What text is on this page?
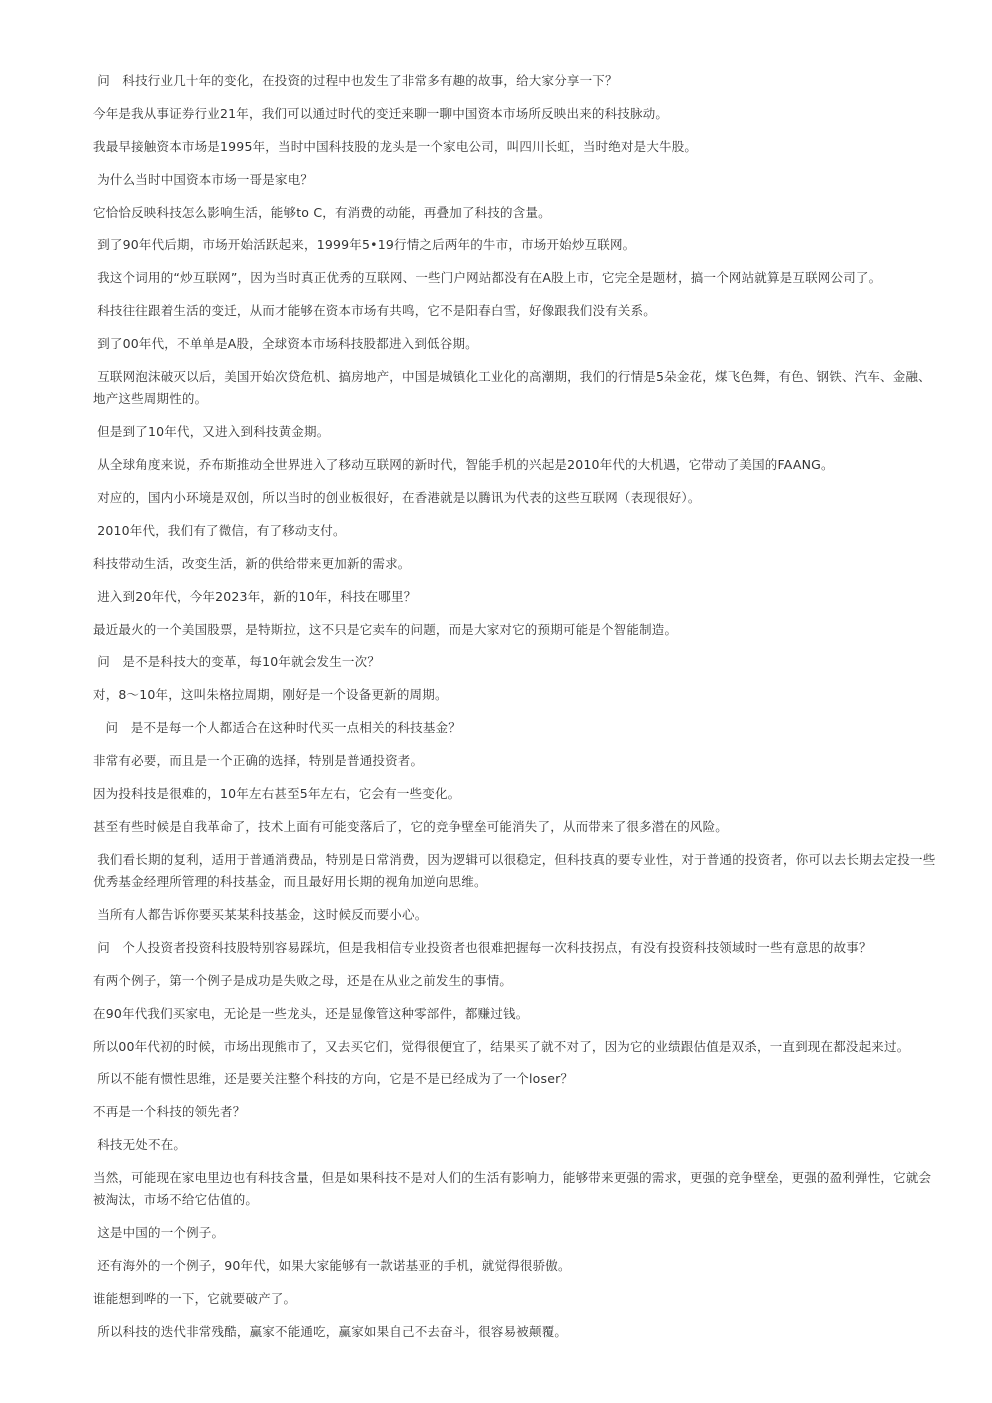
问   科技行业几十年的变化，在投资的过程中也发生了非常多有趣的故事，给大家分享一下？

今年是我从事证券行业21年，我们可以通过时代的变迁来聊一聊中国资本市场所反映出来的科技脉动。

我最早接触资本市场是1995年，当时中国科技股的龙头是一个家电公司，叫四川长虹，当时绝对是大牛股。

为什么当时中国资本市场一哥是家电？

它恰恰反映科技怎么影响生活，能够to C，有消费的动能，再叠加了科技的含量。

到了90年代后期，市场开始活跃起来，1999年5•19行情之后两年的牛市，市场开始炒互联网。

我这个词用的“炒互联网”，因为当时真正优秀的互联网、一些门户网站都没有在A股上市，它完全是题材，搞一个网站就算是互联网公司了。

科技往往跟着生活的变迁，从而才能够在资本市场有共鸣，它不是阳春白雪，好像跟我们没有关系。

到了00年代，不单单是A股，全球资本市场科技股都进入到低谷期。

互联网泡沫破灭以后，美国开始次贷危机、搞房地产，中国是城镇化工业化的高潮期，我们的行情是5朵金花，煤飞色舞，有色、钢铁、汽车、金融、地产这些周期性的。

但是到了10年代，又进入到科技黄金期。

从全球角度来说，乔布斯推动全世界进入了移动互联网的新时代，智能手机的兴起是2010年代的大机遇，它带动了美国的FAANG。

对应的，国内小环境是双创，所以当时的创业板很好，在香港就是以腾讯为代表的这些互联网（表现很好）。

2010年代，我们有了微信，有了移动支付。

科技带动生活，改变生活，新的供给带来更加新的需求。

进入到20年代，今年2023年，新的10年，科技在哪里？

最近最火的一个美国股票，是特斯拉，这不只是它卖车的问题，而是大家对它的预期可能是个智能制造。

问   是不是科技大的变革，每10年就会发生一次？

对，8～10年，这叫朱格拉周期，刚好是一个设备更新的周期。

问   是不是每一个人都适合在这种时代买一点相关的科技基金？

非常有必要，而且是一个正确的选择，特别是普通投资者。

因为投科技是很难的，10年左右甚至5年左右，它会有一些变化。

甚至有些时候是自我革命了，技术上面有可能变落后了，它的竞争壁垒可能消失了，从而带来了很多潜在的风险。

我们看长期的复利，适用于普通消费品，特别是日常消费，因为逻辑可以很稳定，但科技真的要专业性，对于普通的投资者，你可以去长期去定投一些优秀基金经理所管理的科技基金，而且最好用长期的视角加逆向思维。

当所有人都告诉你要买某某科技基金，这时候反而要小心。

问   个人投资者投资科技股特别容易踩坑，但是我相信专业投资者也很难把握每一次科技拐点，有没有投资科技领域时一些有意思的故事？

有两个例子，第一个例子是成功是失败之母，还是在从业之前发生的事情。

在90年代我们买家电，无论是一些龙头，还是显像管这种零部件，都赚过钱。

所以00年代初的时候，市场出现熊市了，又去买它们，觉得很便宜了，结果买了就不对了，因为它的业绩跟估值是双杀，一直到现在都没起来过。

所以不能有惯性思维，还是要关注整个科技的方向，它是不是已经成为了一个loser？

不再是一个科技的领先者？

科技无处不在。

当然，可能现在家电里边也有科技含量，但是如果科技不是对人们的生活有影响力，能够带来更强的需求，更强的竞争壁垒，更强的盈利弹性，它就会被淘汰，市场不给它估值的。

这是中国的一个例子。

还有海外的一个例子，90年代，如果大家能够有一款诺基亚的手机，就觉得很骄傲。

谁能想到哗的一下，它就要破产了。

所以科技的迭代非常残酷，赢家不能通吃，赢家如果自己不去奋斗，很容易被颠覆。
